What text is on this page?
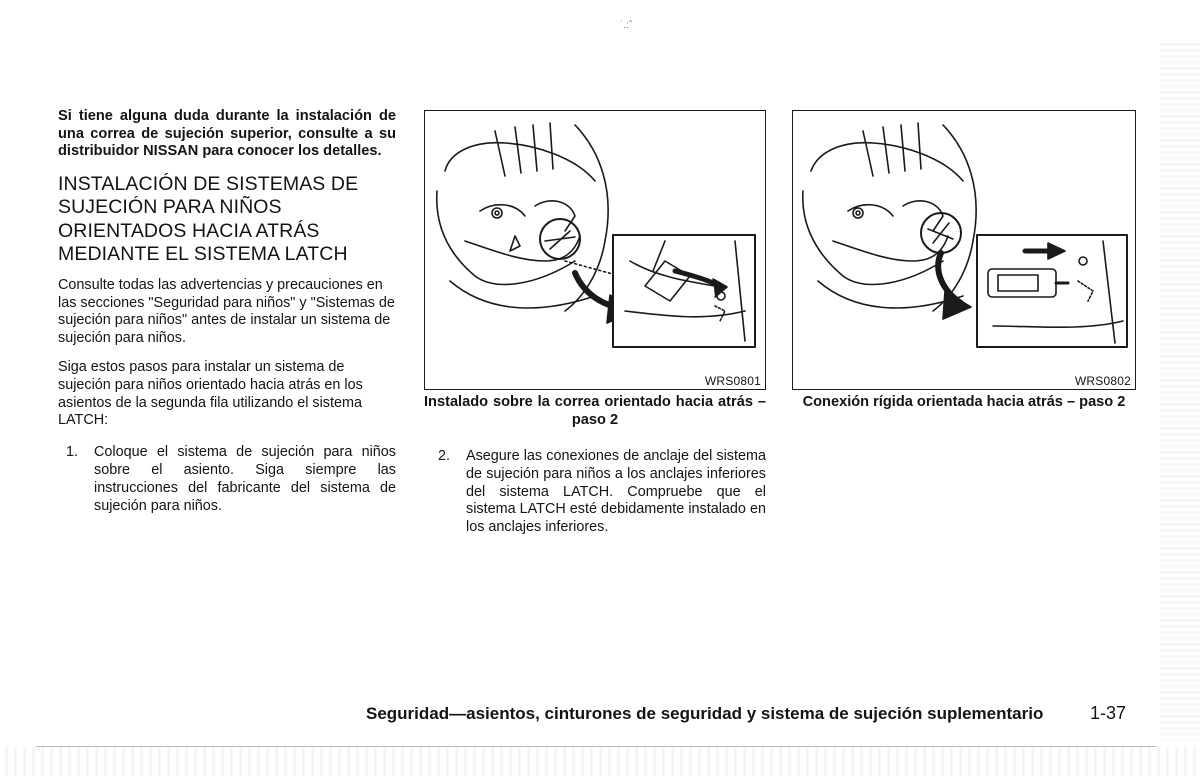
˙.:ˆ

Si tiene alguna duda durante la instalación de una correa de sujeción superior, consulte a su distribuidor NISSAN para conocer los detalles.

INSTALACIÓN DE SISTEMAS DE SUJECIÓN PARA NIÑOS ORIENTADOS HACIA ATRÁS MEDIANTE EL SISTEMA LATCH

Consulte todas las advertencias y precauciones en las secciones "Seguridad para niños" y "Sistemas de sujeción para niños" antes de instalar un sistema de sujeción para niños.

Siga estos pasos para instalar un sistema de sujeción para niños orientado hacia atrás en los asientos de la segunda fila utilizando el sistema LATCH:

1.	Coloque el sistema de sujeción para niños sobre el asiento. Siga siempre las instrucciones del fabricante del sistema de sujeción para niños.
WRS0801	WRS0802
Instalado sobre la correa orientado hacia atrás – paso 2
Conexión rígida orientada hacia atrás – paso 2
2.	Asegure las conexiones de anclaje del sistema de sujeción para niños a los anclajes inferiores del sistema LATCH. Compruebe que el sistema LATCH esté debidamente instalado en los anclajes inferiores.
Seguridad—asientos, cinturones de seguridad y sistema de sujeción suplementario	1-37
